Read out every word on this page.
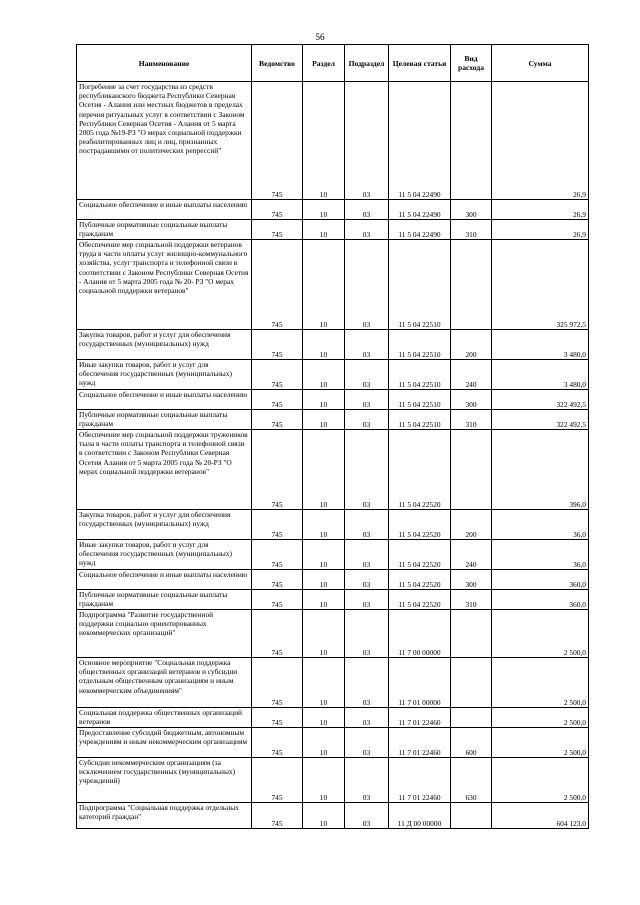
56
Наименование	Ведомство	Раздел	Подраздел	Целевая статья	Вид расхода	Сумма
Погребение за счет государства из средств республиканского бюджета Республики Северная Осетия - Алания или местных бюджетов в пределах перечня ритуальных услуг в соответствии с Законом Республики Северная Осетия - Алания от 5 марта 2005 года №19-РЗ "О мерах социальной поддержки реабилитированных лиц и лиц, признанных пострадавшими от политических репрессий"	745	10	03	11 5 04 22490		26,9
Социальное обеспечение и иные выплаты населению	745	10	03	11 5 04 22490	300	26,9
Публичные нормативные социальные выплаты гражданам	745	10	03	11 5 04 22490	310	26,9
Обеспечение мер социальной поддержки ветеранов труда в части оплаты услуг жилищно-коммунального хозяйства, услуг транспорта и телефонной связи в соответствии с Законом Республики Северная Осетия - Алания от 5 марта 2005 года № 20- РЗ "О мерах социальной поддержки ветеранов"	745	10	03	11 5 04 22510		325 972,5
Закупка товаров, работ и услуг для обеспечения государственных (муниципальных) нужд	745	10	03	11 5 04 22510	200	3 480,0
Иные закупки товаров, работ и услуг для обеспечения государственных (муниципальных) нужд	745	10	03	11 5 04 22510	240	3 480,0
Социальное обеспечение и иные выплаты населению	745	10	03	11 5 04 22510	300	322 492,5
Публичные нормативные социальные выплаты гражданам	745	10	03	11 5 04 22510	310	322 492,5
Обеспечение мер социальной поддержки тружеников тыла в части оплаты транспорта и телефонной связи в соответствии с Законом Республики Северная Осетия Алания от 5 марта 2005 года № 20-РЗ "О мерах социальной поддержки ветеранов"	745	10	03	11 5 04 22520		396,0
Закупка товаров, работ и услуг для обеспечения государственных (муниципальных) нужд	745	10	03	11 5 04 22520	200	36,0
Иные закупки товаров, работ и услуг для обеспечения государственных (муниципальных) нужд	745	10	03	11 5 04 22520	240	36,0
Социальное обеспечение и иные выплаты населению	745	10	03	11 5 04 22520	300	360,0
Публичные нормативные социальные выплаты гражданам	745	10	03	11 5 04 22520	310	360,0
Подпрограмма "Развитие государственной поддержки социально ориентированных некоммерческих организаций"	745	10	03	11 7 00 00000		2 500,0
Основное мероприятие "Социальная поддержка общественных организаций ветеранов и субсидии отдельным общественным организациям и иным некоммерческим объединениям"	745	10	03	11 7 01 00000		2 500,0
Социальная поддержка общественных организаций ветеранов	745	10	03	11 7 01 22460		2 500,0
Предоставление субсидий бюджетным, автономным учреждениям и иным некоммерческим организациям	745	10	03	11 7 01 22460	600	2 500,0
Субсидии некоммерческим организациям (за исключением государственных (муниципальных) учреждений)	745	10	03	11 7 01 22460	630	2 500,0
Подпрограмма "Социальная поддержка отдельных категорий граждан"	745	10	03	11 Д 00 00000		604 123,0
